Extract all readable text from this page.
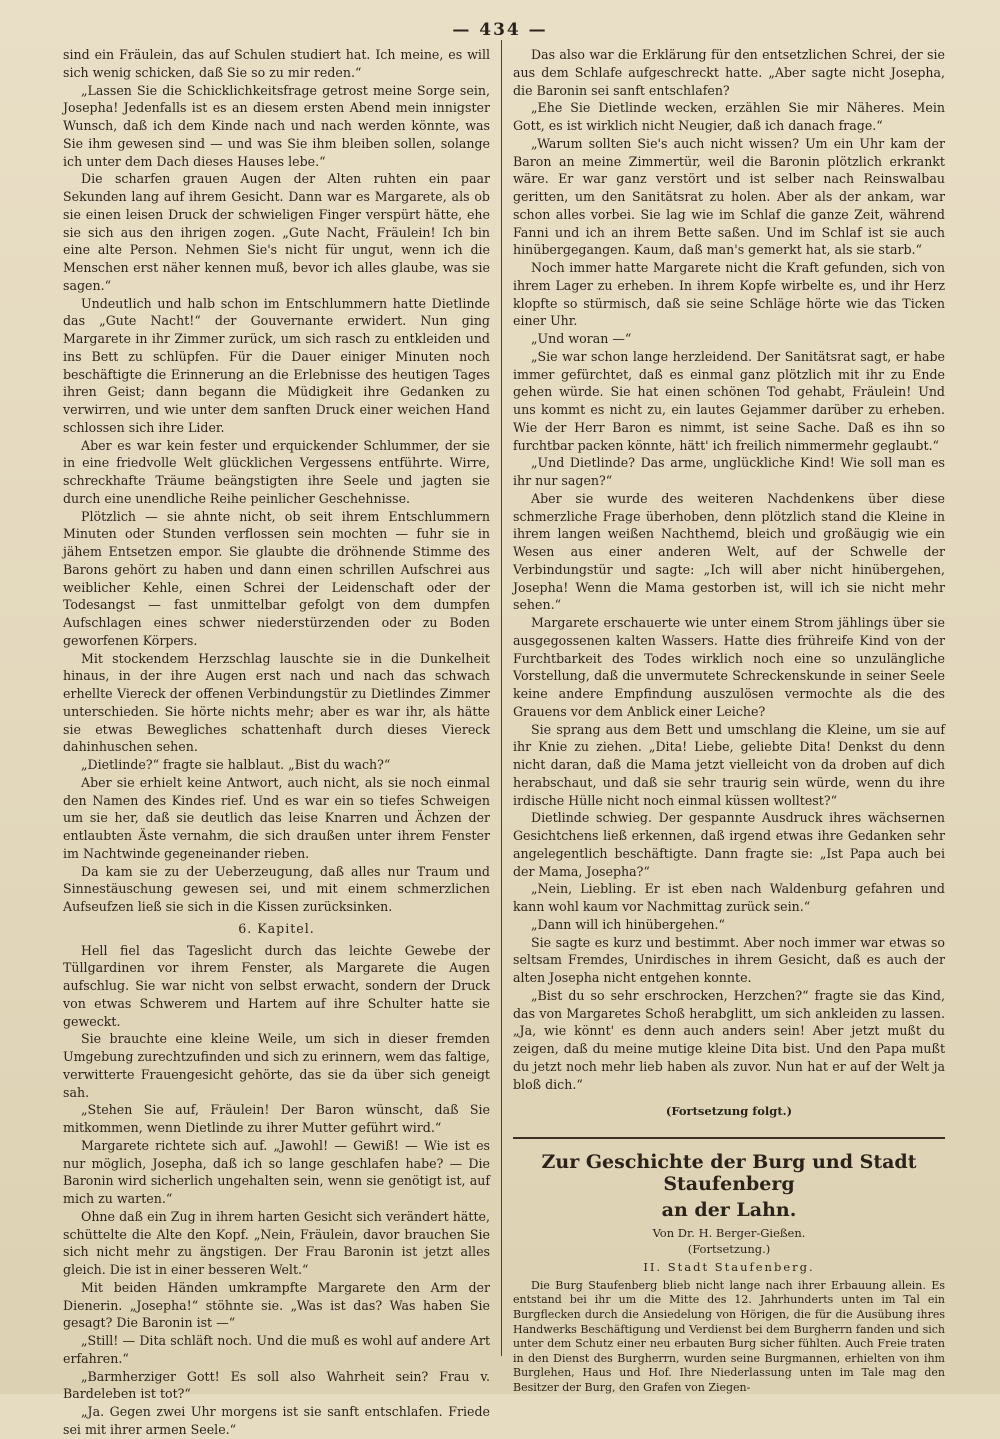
— 434 —

sind ein Fräulein, das auf Schulen studiert hat. Ich meine, es will sich wenig schicken, daß Sie so zu mir reden.“

„Lassen Sie die Schicklichkeitsfrage getrost meine Sorge sein, Josepha! Jedenfalls ist es an diesem ersten Abend mein innigster Wunsch, daß ich dem Kinde nach und nach werden könnte, was Sie ihm gewesen sind — und was Sie ihm bleiben sollen, solange ich unter dem Dach dieses Hauses lebe.“

Die scharfen grauen Augen der Alten ruhten ein paar Sekunden lang auf ihrem Gesicht. Dann war es Margarete, als ob sie einen leisen Druck der schwieligen Finger verspürt hätte, ehe sie sich aus den ihrigen zogen. „Gute Nacht, Fräulein! Ich bin eine alte Person. Nehmen Sie's nicht für ungut, wenn ich die Menschen erst näher kennen muß, bevor ich alles glaube, was sie sagen.“

Undeutlich und halb schon im Entschlummern hatte Dietlinde das „Gute Nacht!“ der Gouvernante erwidert. Nun ging Margarete in ihr Zimmer zurück, um sich rasch zu entkleiden und ins Bett zu schlüpfen. Für die Dauer einiger Minuten noch beschäftigte die Erinnerung an die Erlebnisse des heutigen Tages ihren Geist; dann begann die Müdigkeit ihre Gedanken zu verwirren, und wie unter dem sanften Druck einer weichen Hand schlossen sich ihre Lider.

Aber es war kein fester und erquickender Schlummer, der sie in eine friedvolle Welt glücklichen Vergessens entführte. Wirre, schreckhafte Träume beängstigten ihre Seele und jagten sie durch eine unendliche Reihe peinlicher Geschehnisse.

Plötzlich — sie ahnte nicht, ob seit ihrem Entschlummern Minuten oder Stunden verflossen sein mochten — fuhr sie in jähem Entsetzen empor. Sie glaubte die dröhnende Stimme des Barons gehört zu haben und dann einen schrillen Aufschrei aus weiblicher Kehle, einen Schrei der Leidenschaft oder der Todesangst — fast unmittelbar gefolgt von dem dumpfen Aufschlagen eines schwer niederstürzenden oder zu Boden geworfenen Körpers.

Mit stockendem Herzschlag lauschte sie in die Dunkelheit hinaus, in der ihre Augen erst nach und nach das schwach erhellte Viereck der offenen Verbindungstür zu Dietlindes Zimmer unterschieden. Sie hörte nichts mehr; aber es war ihr, als hätte sie etwas Bewegliches schattenhaft durch dieses Viereck dahinhuschen sehen.

„Dietlinde?“ fragte sie halblaut. „Bist du wach?“

Aber sie erhielt keine Antwort, auch nicht, als sie noch einmal den Namen des Kindes rief. Und es war ein so tiefes Schweigen um sie her, daß sie deutlich das leise Knarren und Ächzen der entlaubten Äste vernahm, die sich draußen unter ihrem Fenster im Nachtwinde gegeneinander rieben.

Da kam sie zu der Ueberzeugung, daß alles nur Traum und Sinnestäuschung gewesen sei, und mit einem schmerzlichen Aufseufzen ließ sie sich in die Kissen zurücksinken.

6. Kapitel.

Hell fiel das Tageslicht durch das leichte Gewebe der Tüllgardinen vor ihrem Fenster, als Margarete die Augen aufschlug. Sie war nicht von selbst erwacht, sondern der Druck von etwas Schwerem und Hartem auf ihre Schulter hatte sie geweckt.

Sie brauchte eine kleine Weile, um sich in dieser fremden Umgebung zurechtzufinden und sich zu erinnern, wem das faltige, verwitterte Frauengesicht gehörte, das sie da über sich geneigt sah.

„Stehen Sie auf, Fräulein! Der Baron wünscht, daß Sie mitkommen, wenn Dietlinde zu ihrer Mutter geführt wird.“

Margarete richtete sich auf. „Jawohl! — Gewiß! — Wie ist es nur möglich, Josepha, daß ich so lange geschlafen habe? — Die Baronin wird sicherlich ungehalten sein, wenn sie genötigt ist, auf mich zu warten.“

Ohne daß ein Zug in ihrem harten Gesicht sich verändert hätte, schüttelte die Alte den Kopf. „Nein, Fräulein, davor brauchen Sie sich nicht mehr zu ängstigen. Der Frau Baronin ist jetzt alles gleich. Die ist in einer besseren Welt.“

Mit beiden Händen umkrampfte Margarete den Arm der Dienerin. „Josepha!“ stöhnte sie. „Was ist das? Was haben Sie gesagt? Die Baronin ist —“

„Still! — Dita schläft noch. Und die muß es wohl auf andere Art erfahren.“

„Barmherziger Gott! Es soll also Wahrheit sein? Frau v. Bardeleben ist tot?“

„Ja. Gegen zwei Uhr morgens ist sie sanft entschlafen. Friede sei mit ihrer armen Seele.“

Das also war die Erklärung für den entsetzlichen Schrei, der sie aus dem Schlafe aufgeschreckt hatte. „Aber sagte nicht Josepha, die Baronin sei sanft entschlafen?

„Ehe Sie Dietlinde wecken, erzählen Sie mir Näheres. Mein Gott, es ist wirklich nicht Neugier, daß ich danach frage.“

„Warum sollten Sie's auch nicht wissen? Um ein Uhr kam der Baron an meine Zimmertür, weil die Baronin plötzlich erkrankt wäre. Er war ganz verstört und ist selber nach Reinswalbau geritten, um den Sanitätsrat zu holen. Aber als der ankam, war schon alles vorbei. Sie lag wie im Schlaf die ganze Zeit, während Fanni und ich an ihrem Bette saßen. Und im Schlaf ist sie auch hinübergegangen. Kaum, daß man's gemerkt hat, als sie starb.“

Noch immer hatte Margarete nicht die Kraft gefunden, sich von ihrem Lager zu erheben. In ihrem Kopfe wirbelte es, und ihr Herz klopfte so stürmisch, daß sie seine Schläge hörte wie das Ticken einer Uhr.

„Und woran —“

„Sie war schon lange herzleidend. Der Sanitätsrat sagt, er habe immer gefürchtet, daß es einmal ganz plötzlich mit ihr zu Ende gehen würde. Sie hat einen schönen Tod gehabt, Fräulein! Und uns kommt es nicht zu, ein lautes Gejammer darüber zu erheben. Wie der Herr Baron es nimmt, ist seine Sache. Daß es ihn so furchtbar packen könnte, hätt' ich freilich nimmermehr geglaubt.“

„Und Dietlinde? Das arme, unglückliche Kind! Wie soll man es ihr nur sagen?“

Aber sie wurde des weiteren Nachdenkens über diese schmerzliche Frage überhoben, denn plötzlich stand die Kleine in ihrem langen weißen Nachthemd, bleich und großäugig wie ein Wesen aus einer anderen Welt, auf der Schwelle der Verbindungstür und sagte: „Ich will aber nicht hinübergehen, Josepha! Wenn die Mama gestorben ist, will ich sie nicht mehr sehen.“

Margarete erschauerte wie unter einem Strom jählings über sie ausgegossenen kalten Wassers. Hatte dies frühreife Kind von der Furchtbarkeit des Todes wirklich noch eine so unzulängliche Vorstellung, daß die unvermutete Schreckenskunde in seiner Seele keine andere Empfindung auszulösen vermochte als die des Grauens vor dem Anblick einer Leiche?

Sie sprang aus dem Bett und umschlang die Kleine, um sie auf ihr Knie zu ziehen. „Dita! Liebe, geliebte Dita! Denkst du denn nicht daran, daß die Mama jetzt vielleicht von da droben auf dich herabschaut, und daß sie sehr traurig sein würde, wenn du ihre irdische Hülle nicht noch einmal küssen wolltest?“

Dietlinde schwieg. Der gespannte Ausdruck ihres wächsernen Gesichtchens ließ erkennen, daß irgend etwas ihre Gedanken sehr angelegentlich beschäftigte. Dann fragte sie: „Ist Papa auch bei der Mama, Josepha?“

„Nein, Liebling. Er ist eben nach Waldenburg gefahren und kann wohl kaum vor Nachmittag zurück sein.“

„Dann will ich hinübergehen.“

Sie sagte es kurz und bestimmt. Aber noch immer war etwas so seltsam Fremdes, Unirdisches in ihrem Gesicht, daß es auch der alten Josepha nicht entgehen konnte.

„Bist du so sehr erschrocken, Herzchen?“ fragte sie das Kind, das von Margaretes Schoß herabglitt, um sich ankleiden zu lassen. „Ja, wie könnt' es denn auch anders sein! Aber jetzt mußt du zeigen, daß du meine mutige kleine Dita bist. Und den Papa mußt du jetzt noch mehr lieb haben als zuvor. Nun hat er auf der Welt ja bloß dich.“

(Fortsetzung folgt.)

Zur Geschichte der Burg und Stadt Staufenberg

an der Lahn.

Von Dr. H. Berger-Gießen.

(Fortsetzung.)

II. Stadt Staufenberg.

Die Burg Staufenberg blieb nicht lange nach ihrer Erbauung allein. Es entstand bei ihr um die Mitte des 12. Jahrhunderts unten im Tal ein Burgflecken durch die Ansiedelung von Hörigen, die für die Ausübung ihres Handwerks Beschäftigung und Verdienst bei dem Burgherrn fanden und sich unter dem Schutz einer neu erbauten Burg sicher fühlten. Auch Freie traten in den Dienst des Burgherrn, wurden seine Burgmannen, erhielten von ihm Burglehen, Haus und Hof. Ihre Niederlassung unten im Tale mag den Besitzer der Burg, den Grafen von Ziegen-
